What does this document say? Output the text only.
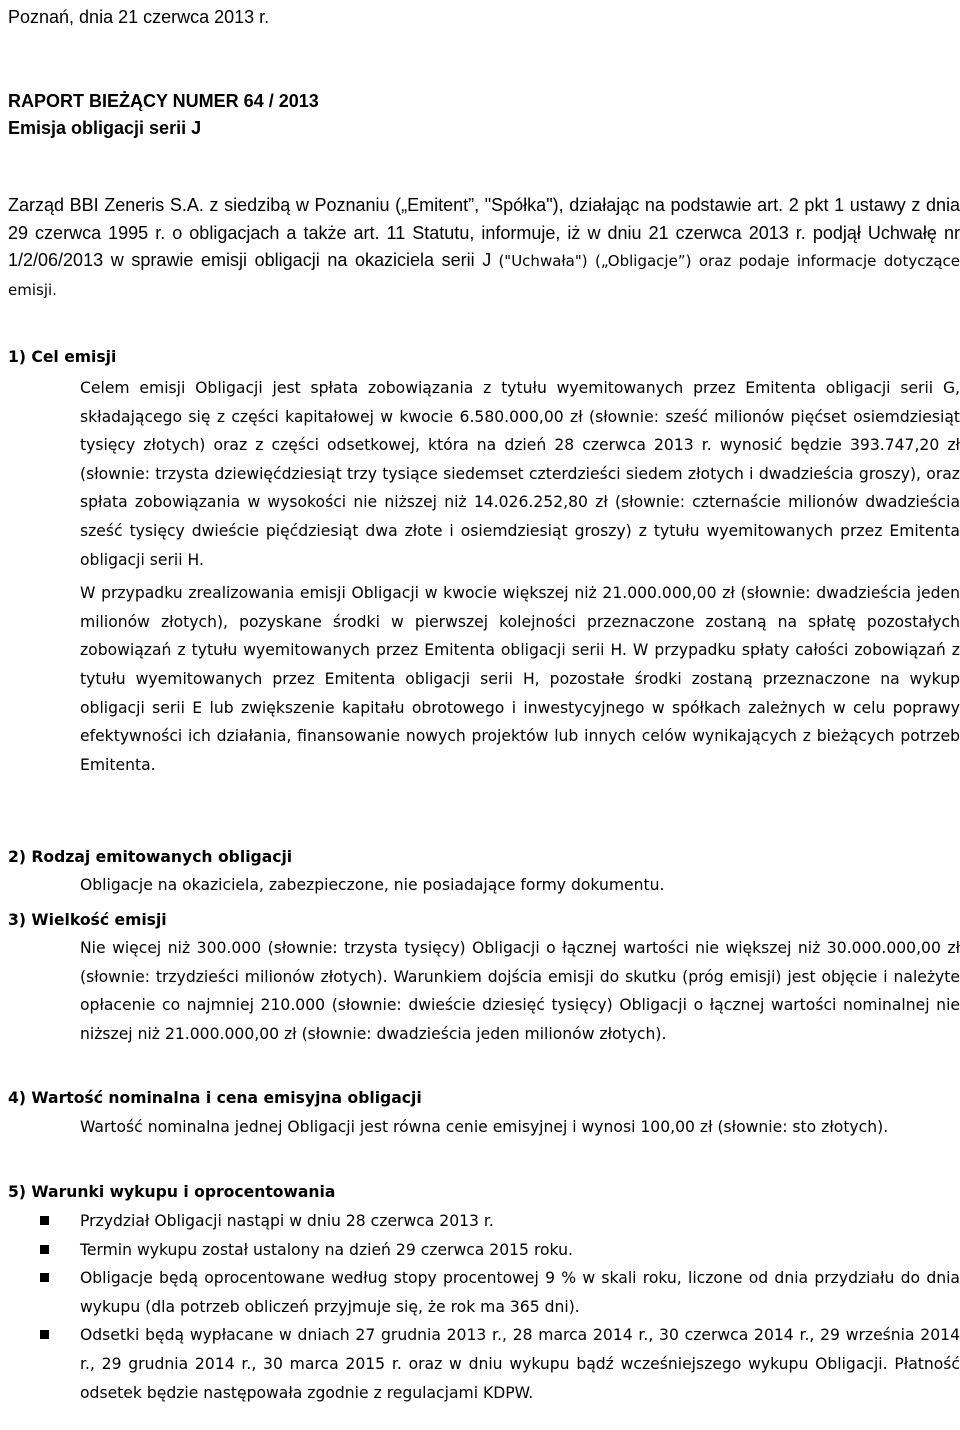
Poznań, dnia 21 czerwca 2013 r.
RAPORT BIEŻĄCY NUMER 64 / 2013
Emisja obligacji serii J
Zarząd BBI Zeneris S.A. z siedzibą w Poznaniu („Emitent”, "Spółka"), działając na podstawie art. 2 pkt 1 ustawy z dnia 29 czerwca 1995 r. o obligacjach a także art. 11 Statutu, informuje, iż w dniu 21 czerwca 2013 r. podjął Uchwałę nr 1/2/06/2013 w sprawie emisji obligacji na okaziciela serii J ("Uchwała") („Obligacje”) oraz podaje informacje dotyczące emisji.
1) Cel emisji

Celem emisji Obligacji jest spłata zobowiązania z tytułu wyemitowanych przez Emitenta obligacji serii G, składającego się z części kapitałowej w kwocie 6.580.000,00 zł (słownie: sześć milionów pięćset osiemdziesiąt tysięcy złotych) oraz z części odsetkowej, która na dzień 28 czerwca 2013 r. wynosić będzie 393.747,20 zł (słownie: trzysta dziewięćdziesiąt trzy tysiące siedemset czterdzieści siedem złotych i dwadzieścia groszy), oraz spłata zobowiązania w wysokości nie niższej niż 14.026.252,80 zł (słownie: czternaście milionów dwadzieścia sześć tysięcy dwieście pięćdziesiąt dwa złote i osiemdziesiąt groszy) z tytułu wyemitowanych przez Emitenta obligacji serii H.

W przypadku zrealizowania emisji Obligacji w kwocie większej niż 21.000.000,00 zł (słownie: dwadzieścia jeden milionów złotych), pozyskane środki w pierwszej kolejności przeznaczone zostaną na spłatę pozostałych zobowiązań z tytułu wyemitowanych przez Emitenta obligacji serii H. W przypadku spłaty całości zobowiązań z tytułu wyemitowanych przez Emitenta obligacji serii H, pozostałe środki zostaną przeznaczone na wykup obligacji serii E lub zwiększenie kapitału obrotowego i inwestycyjnego w spółkach zależnych w celu poprawy efektywności ich działania, finansowanie nowych projektów lub innych celów wynikających z bieżących potrzeb Emitenta.

2) Rodzaj emitowanych obligacji

Obligacje na okaziciela, zabezpieczone, nie posiadające formy dokumentu.

3) Wielkość emisji

Nie więcej niż 300.000 (słownie: trzysta tysięcy) Obligacji o łącznej wartości nie większej niż 30.000.000,00 zł (słownie: trzydzieści milionów złotych). Warunkiem dojścia emisji do skutku (próg emisji) jest objęcie i należyte opłacenie co najmniej 210.000 (słownie: dwieście dziesięć tysięcy) Obligacji o łącznej wartości nominalnej nie niższej niż 21.000.000,00 zł (słownie: dwadzieścia jeden milionów złotych).

4) Wartość nominalna i cena emisyjna obligacji

Wartość nominalna jednej Obligacji jest równa cenie emisyjnej i wynosi 100,00 zł (słownie: sto złotych).

5) Warunki wykupu i oprocentowania
Przydział Obligacji nastąpi w dniu 28 czerwca 2013 r.
Termin wykupu został ustalony na dzień 29 czerwca 2015 roku.
Obligacje będą oprocentowane według stopy procentowej 9 % w skali roku, liczone od dnia przydziału do dnia wykupu (dla potrzeb obliczeń przyjmuje się, że rok ma 365 dni).
Odsetki będą wypłacane w dniach 27 grudnia 2013 r., 28 marca 2014 r., 30 czerwca 2014 r., 29 września 2014 r., 29 grudnia 2014 r., 30 marca 2015 r. oraz w dniu wykupu bądź wcześniejszego wykupu Obligacji. Płatność odsetek będzie następowała zgodnie z regulacjami KDPW.
